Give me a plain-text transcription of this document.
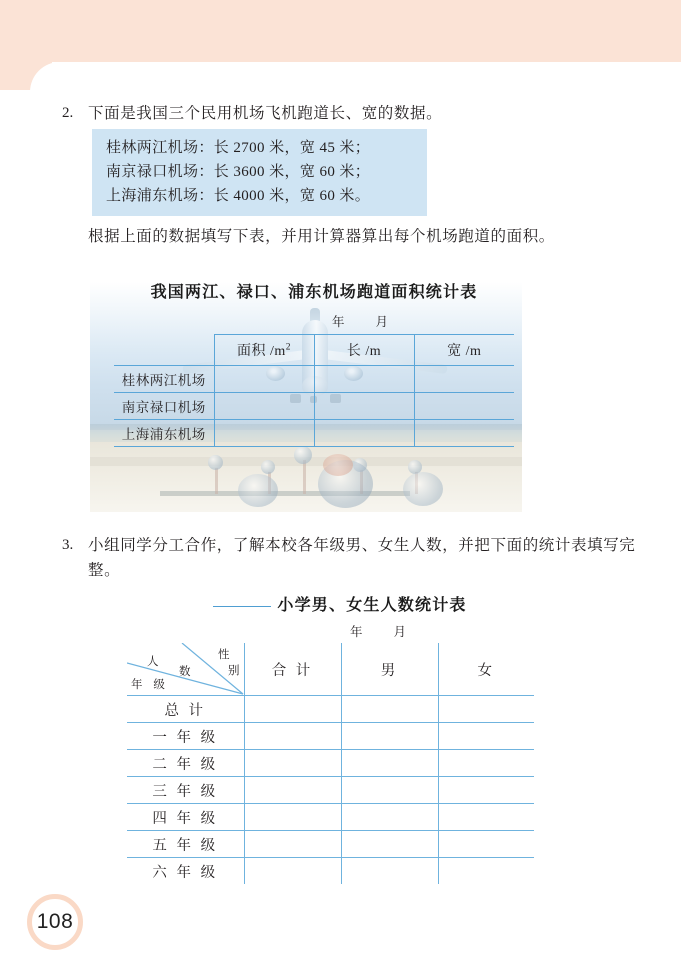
2. 下面是我国三个民用机场飞机跑道长、宽的数据。
桂林两江机场：长 2700 米，宽 45 米；
南京禄口机场：长 3600 米，宽 60 米；
上海浦东机场：长 4000 米，宽 60 米。
根据上面的数据填写下表，并用计算器算出每个机场跑道的面积。
我国两江、禄口、浦东机场跑道面积统计表
年 月
	面积 $/m^2$	长 /m	宽 /m
桂林两江机场			
南京禄口机场			
上海浦东机场			
3. 小组同学分工合作，了解本校各年级男、女生人数，并把下面的统计表填写完整。
小学男、女生人数统计表
年 月
性
别
人
数
年 级	合 计	男	女
总 计			
一 年 级			
二 年 级			
三 年 级			
四 年 级			
五 年 级			
六 年 级			
108
